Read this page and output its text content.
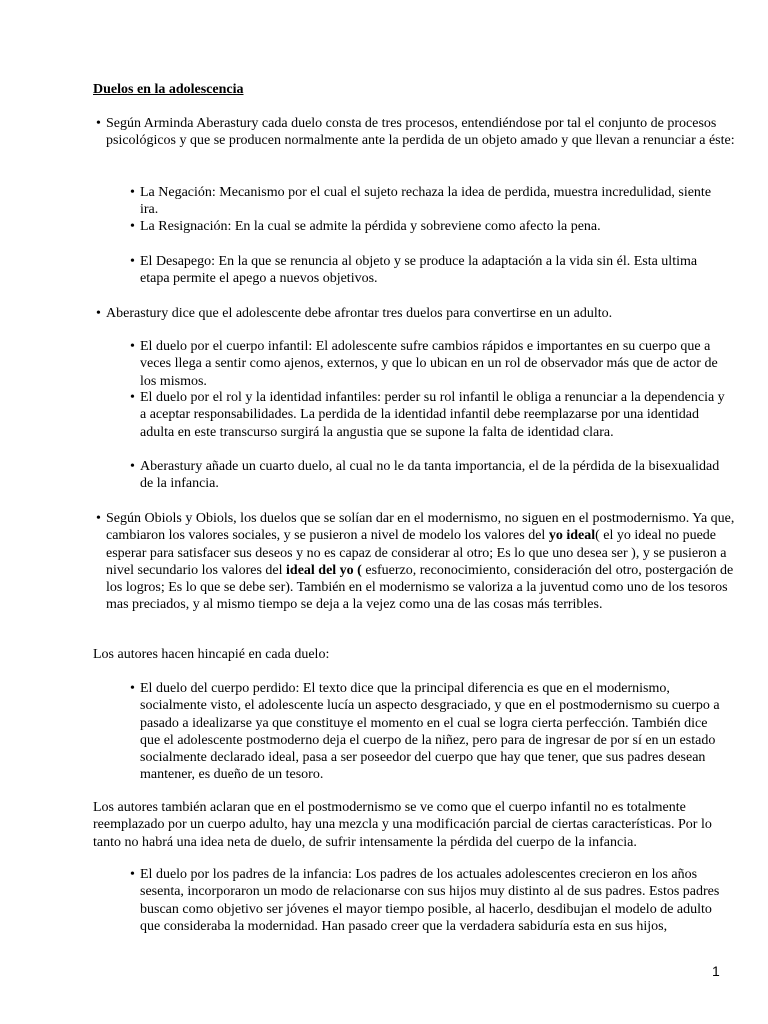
Duelos en la adolescencia
• Según Arminda Aberastury cada duelo consta de tres procesos, entendiéndose por tal el conjunto de procesos psicológicos y que se producen normalmente ante la perdida de un objeto amado y que llevan a renunciar a éste:
• La Negación: Mecanismo por el cual el sujeto rechaza la idea de perdida, muestra incredulidad, siente ira.
• La Resignación: En la cual se admite la pérdida y sobreviene como afecto la pena.
• El Desapego: En la que se renuncia al objeto y se produce la adaptación a la vida sin él. Esta ultima etapa permite el apego a nuevos objetivos.
• Aberastury dice que el adolescente debe afrontar tres duelos para convertirse en un adulto.
• El duelo por el cuerpo infantil: El adolescente sufre cambios rápidos e importantes en su cuerpo que a veces llega a sentir como ajenos, externos, y que lo ubican en un rol de observador más que de actor de los mismos.
• El duelo por el rol y la identidad infantiles: perder su rol infantil le obliga a renunciar a la dependencia y a aceptar responsabilidades. La perdida de la identidad infantil debe reemplazarse por una identidad adulta en este transcurso surgirá la angustia que se supone la falta de identidad clara.
• Aberastury añade un cuarto duelo, al cual no le da tanta importancia, el de la pérdida de la bisexualidad de la infancia.
• Según Obiols y Obiols, los duelos que se solían dar en el modernismo, no siguen en el postmodernismo. Ya que, cambiaron los valores sociales, y se pusieron a nivel de modelo los valores del yo ideal( el yo ideal no puede esperar para satisfacer sus deseos y no es capaz de considerar al otro; Es lo que uno desea ser ), y se pusieron a nivel secundario los valores del ideal del yo ( esfuerzo, reconocimiento, consideración del otro, postergación de los logros; Es lo que se debe ser). También en el modernismo se valoriza a la juventud como uno de los tesoros mas preciados, y al mismo tiempo se deja a la vejez como una de las cosas más terribles.
Los autores hacen hincapié en cada duelo:
• El duelo del cuerpo perdido: El texto dice que la principal diferencia es que en el modernismo, socialmente visto, el adolescente lucía un aspecto desgraciado, y que en el postmodernismo su cuerpo a pasado a idealizarse ya que constituye el momento en el cual se logra cierta perfección. También dice que el adolescente postmoderno deja el cuerpo de la niñez, pero para de ingresar de por sí en un estado socialmente declarado ideal, pasa a ser poseedor del cuerpo que hay que tener, que sus padres desean mantener, es dueño de un tesoro.
Los autores también aclaran que en el postmodernismo se ve como que el cuerpo infantil no es totalmente reemplazado por un cuerpo adulto, hay una mezcla y una modificación parcial de ciertas características. Por lo tanto no habrá una idea neta de duelo, de sufrir intensamente la pérdida del cuerpo de la infancia.
• El duelo por los padres de la infancia: Los padres de los actuales adolescentes crecieron en los años sesenta, incorporaron un modo de relacionarse con sus hijos muy distinto al de sus padres. Estos padres buscan como objetivo ser jóvenes el mayor tiempo posible, al hacerlo, desdibujan el modelo de adulto que consideraba la modernidad. Han pasado creer que la verdadera sabiduría esta en sus hijos,
1
